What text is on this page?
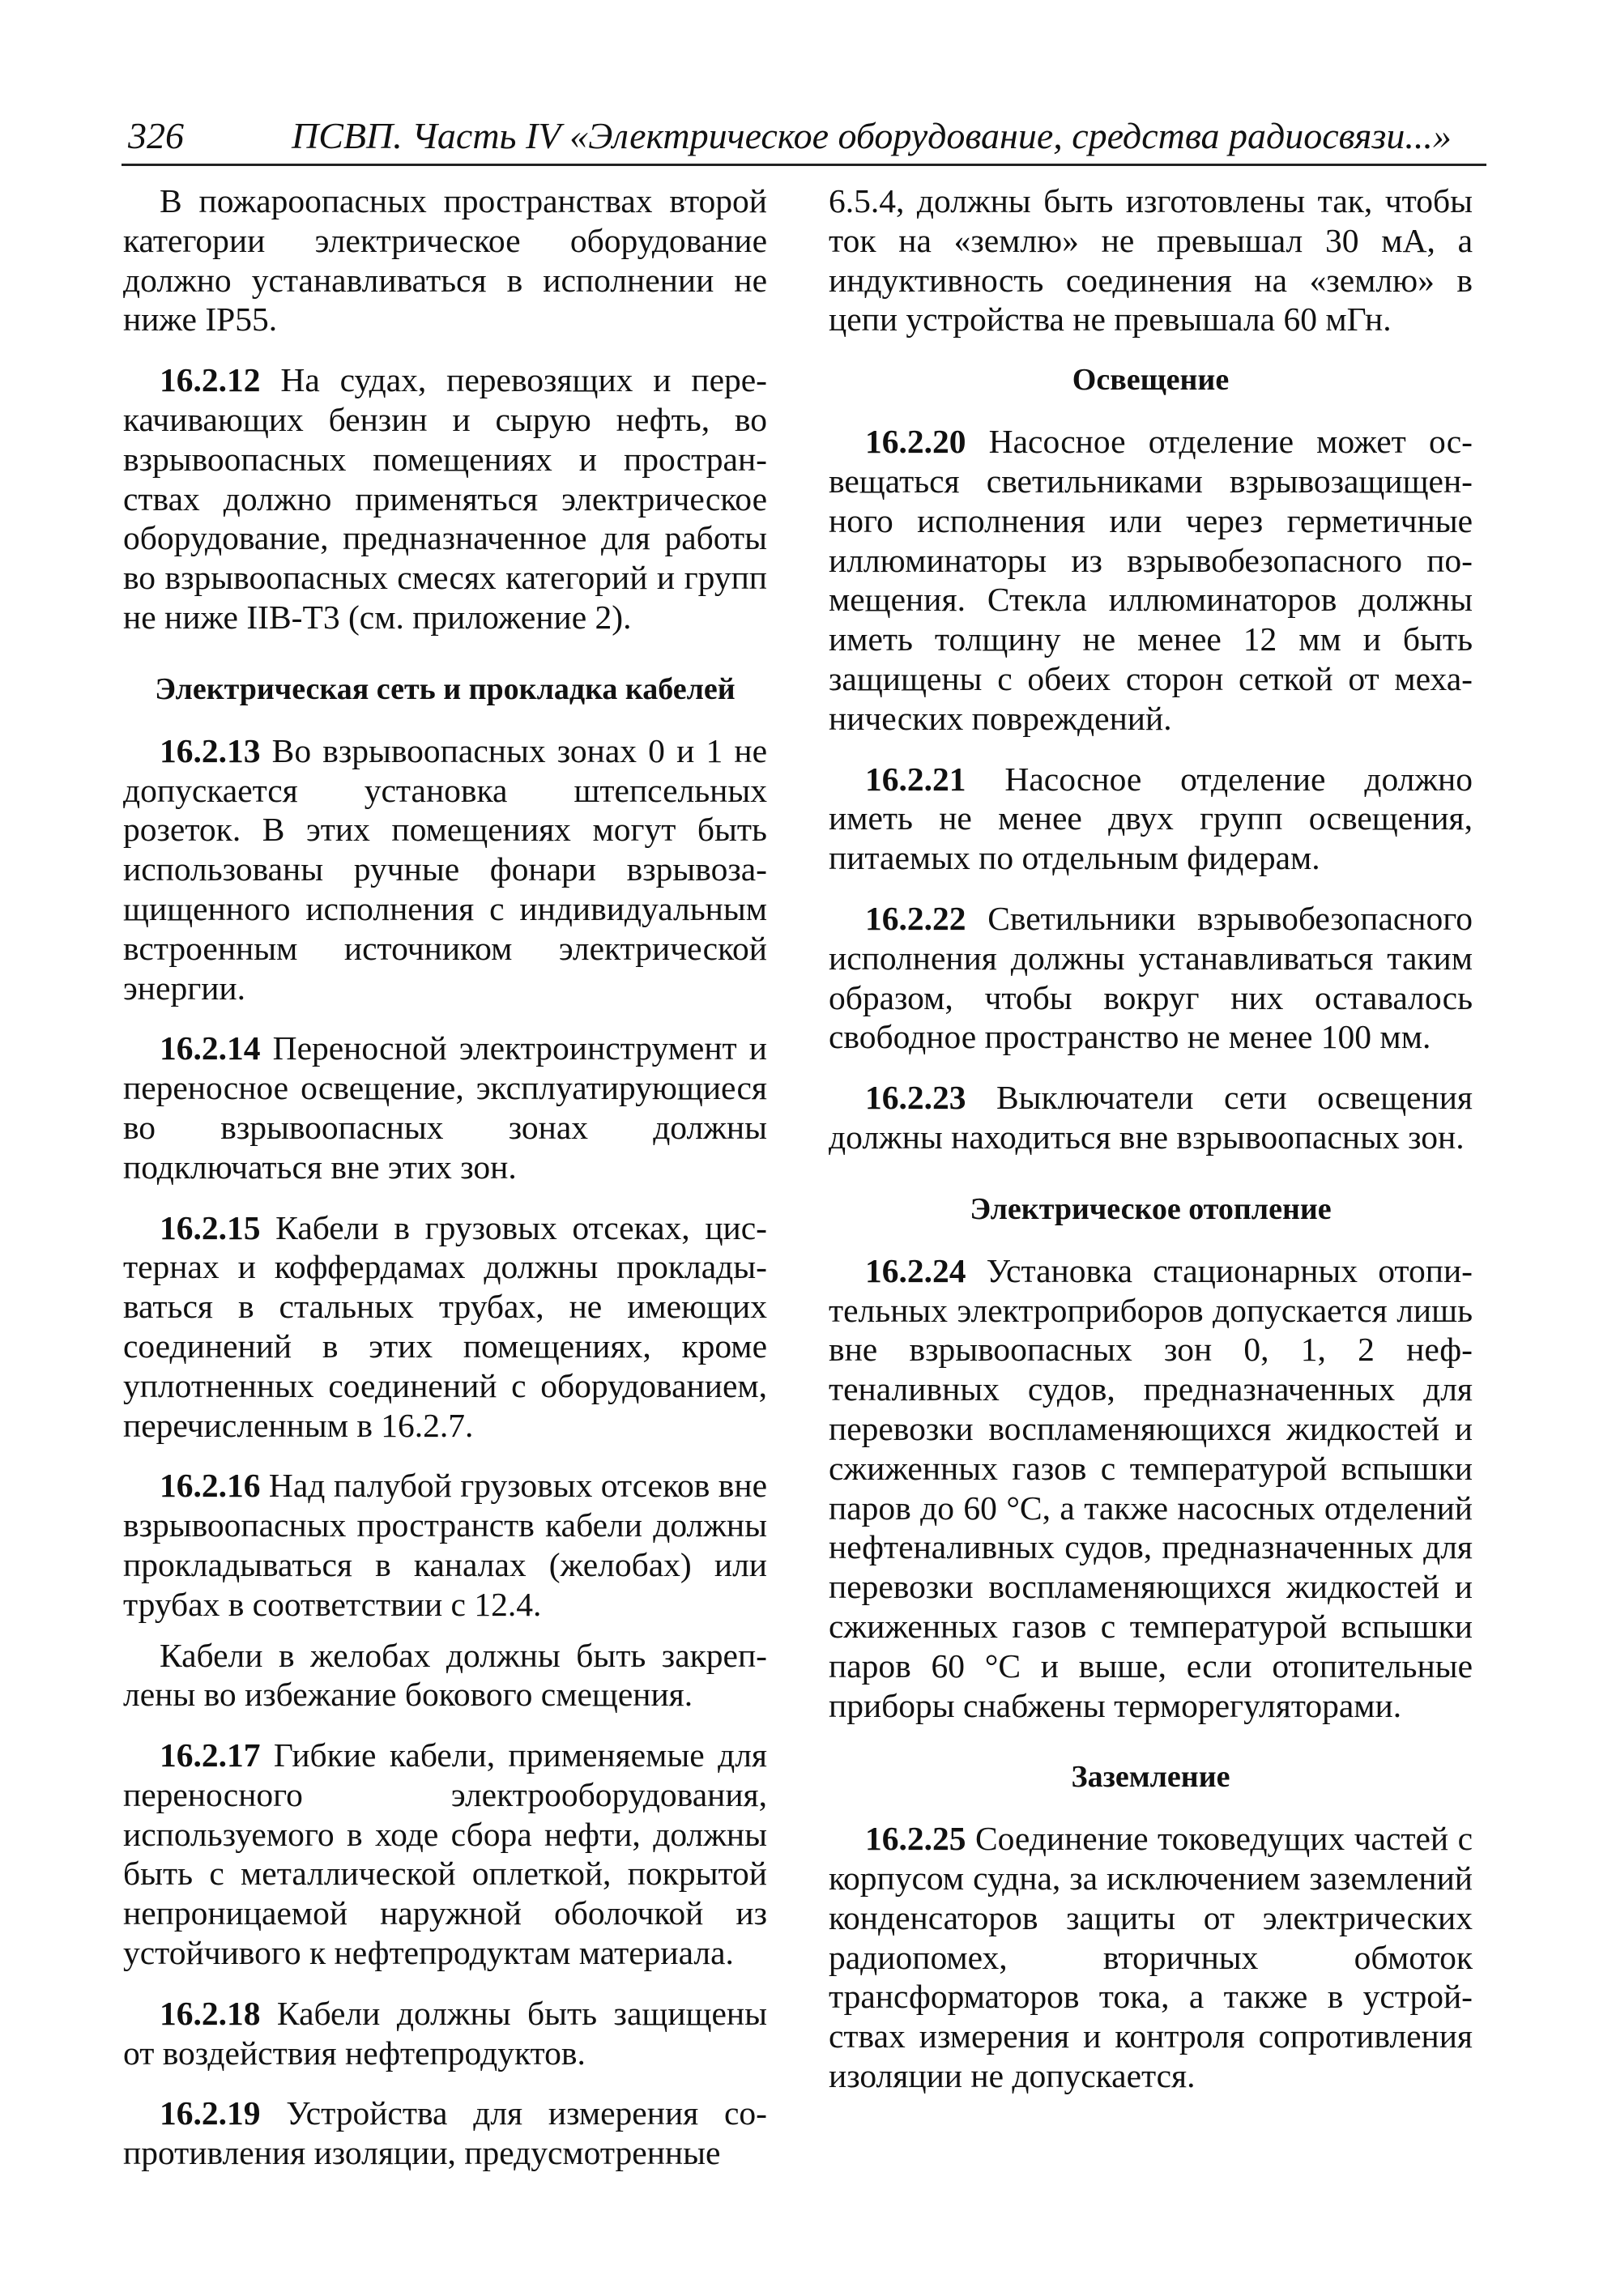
326	ПСВП. Часть IV «Электрическое оборудование, средства радиосвязи...»

В пожароопасных пространствах второй категории электрическое оборудование должно устанавливаться в исполнении не ниже IP55.

16.2.12 На судах, перевозящих и перекачивающих бензин и сырую нефть, во взрывоопасных помещениях и пространствах должно применяться электрическое оборудование, предназначенное для работы во взрывоопасных смесях категорий и групп не ниже IIB-T3 (см. приложение 2).

Электрическая сеть и прокладка кабелей

16.2.13 Во взрывоопасных зонах 0 и 1 не допускается установка штепсельных розеток. В этих помещениях могут быть использованы ручные фонари взрывозащищенного исполнения с индивидуальным встроенным источником электрической энергии.

16.2.14 Переносной электроинструмент и переносное освещение, эксплуатирующиеся во взрывоопасных зонах должны подключаться вне этих зон.

16.2.15 Кабели в грузовых отсеках, цистернах и коффердамах должны прокладываться в стальных трубах, не имеющих соединений в этих помещениях, кроме уплотненных соединений с оборудованием, перечисленным в 16.2.7.

16.2.16 Над палубой грузовых отсеков вне взрывоопасных пространств кабели должны прокладываться в каналах (желобах) или трубах в соответствии с 12.4.

Кабели в желобах должны быть закреплены во избежание бокового смещения.

16.2.17 Гибкие кабели, применяемые для переносного электрооборудования, используемого в ходе сбора нефти, должны быть с металлической оплеткой, покрытой непроницаемой наружной оболочкой из устойчивого к нефтепродуктам материала.

16.2.18 Кабели должны быть защищены от воздействия нефтепродуктов.

16.2.19 Устройства для измерения сопротивления изоляции, предусмотренные

6.5.4, должны быть изготовлены так, чтобы ток на «землю» не превышал 30 мА, а индуктивность соединения на «землю» в цепи устройства не превышала 60 мГн.

Освещение

16.2.20 Насосное отделение может освещаться светильниками взрывозащищенного исполнения или через герметичные иллюминаторы из взрывобезопасного помещения. Стекла иллюминаторов должны иметь толщину не менее 12 мм и быть защищены с обеих сторон сеткой от механических повреждений.

16.2.21 Насосное отделение должно иметь не менее двух групп освещения, питаемых по отдельным фидерам.

16.2.22 Светильники взрывобезопасного исполнения должны устанавливаться таким образом, чтобы вокруг них оставалось свободное пространство не менее 100 мм.

16.2.23 Выключатели сети освещения должны находиться вне взрывоопасных зон.

Электрическое отопление

16.2.24 Установка стационарных отопительных электроприборов допускается лишь вне взрывоопасных зон 0, 1, 2 нефтеналивных судов, предназначенных для перевозки воспламеняющихся жидкостей и сжиженных газов с температурой вспышки паров до 60 °С, а также насосных отделений нефтеналивных судов, предназначенных для перевозки воспламеняющихся жидкостей и сжиженных газов с температурой вспышки паров 60 °С и выше, если отопительные приборы снабжены терморегуляторами.

Заземление

16.2.25 Соединение токоведущих частей с корпусом судна, за исключением заземлений конденсаторов защиты от электрических радиопомех, вторичных обмоток трансформаторов тока, а также в устройствах измерения и контроля сопротивления изоляции не допускается.
